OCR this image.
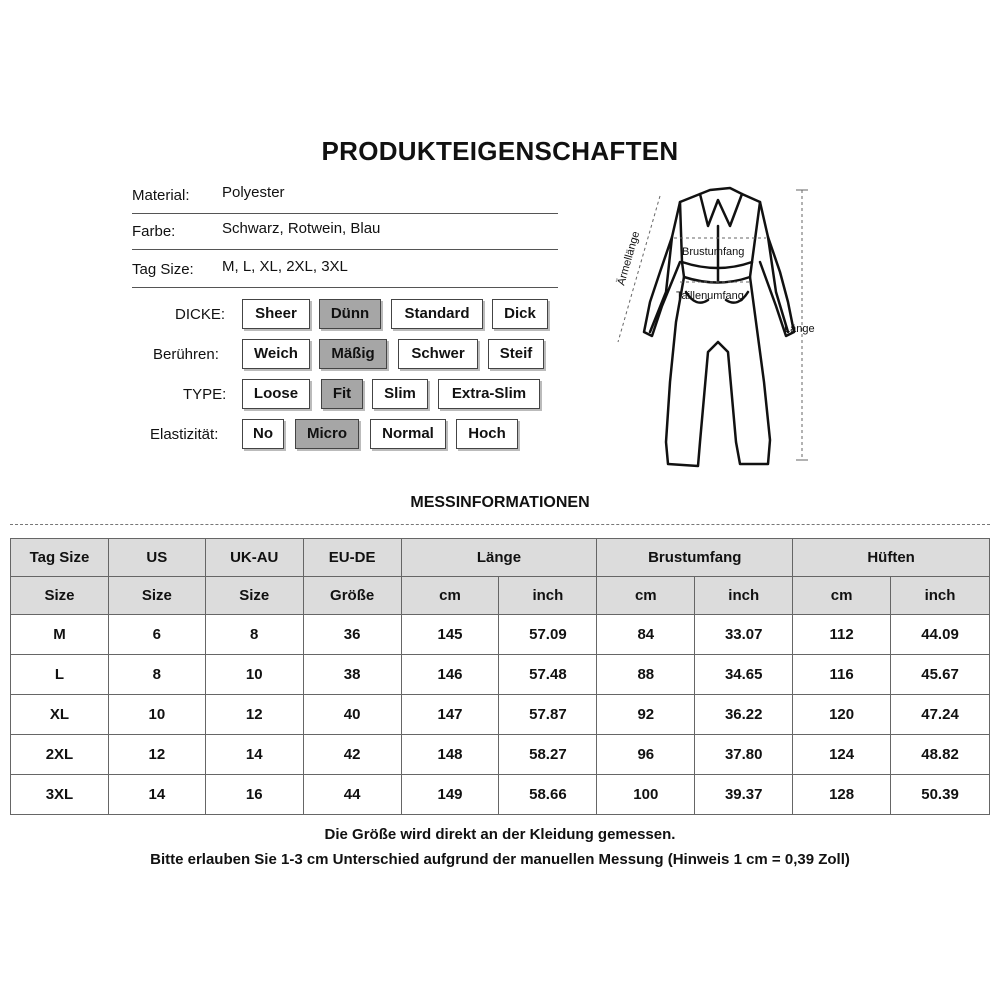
PRODUKTEIGENSCHAFTEN
Material: Polyester
Farbe:	Schwarz, Rotwein, Blau
Tag Size: M, L, XL, 2XL, 3XL
DICKE:	Sheer	Dünn	Standard	Dick
Berühren:	Weich	Mäßig	Schwer	Steif
TYPE:	Loose	Fit	Slim	Extra-Slim
Elastizität:	No	Micro	Normal	Hoch
Brustumfang
Taillenumfang
Länge
Ärmellänge
MESSINFORMATIONEN
Tag Size	US	UK-AU	EU-DE	Länge		Brustumfang		Hüften	
Size	Size	Size	Größe	cm	inch	cm	inch	cm	inch
M	6	8	36	145	57.09	84	33.07	112	44.09
L	8	10	38	146	57.48	88	34.65	116	45.67
XL	10	12	40	147	57.87	92	36.22	120	47.24
2XL	12	14	42	148	58.27	96	37.80	124	48.82
3XL	14	16	44	149	58.66	100	39.37	128	50.39
Die Größe wird direkt an der Kleidung gemessen.
Bitte erlauben Sie 1-3 cm Unterschied aufgrund der manuellen Messung (Hinweis 1 cm = 0,39 Zoll)
